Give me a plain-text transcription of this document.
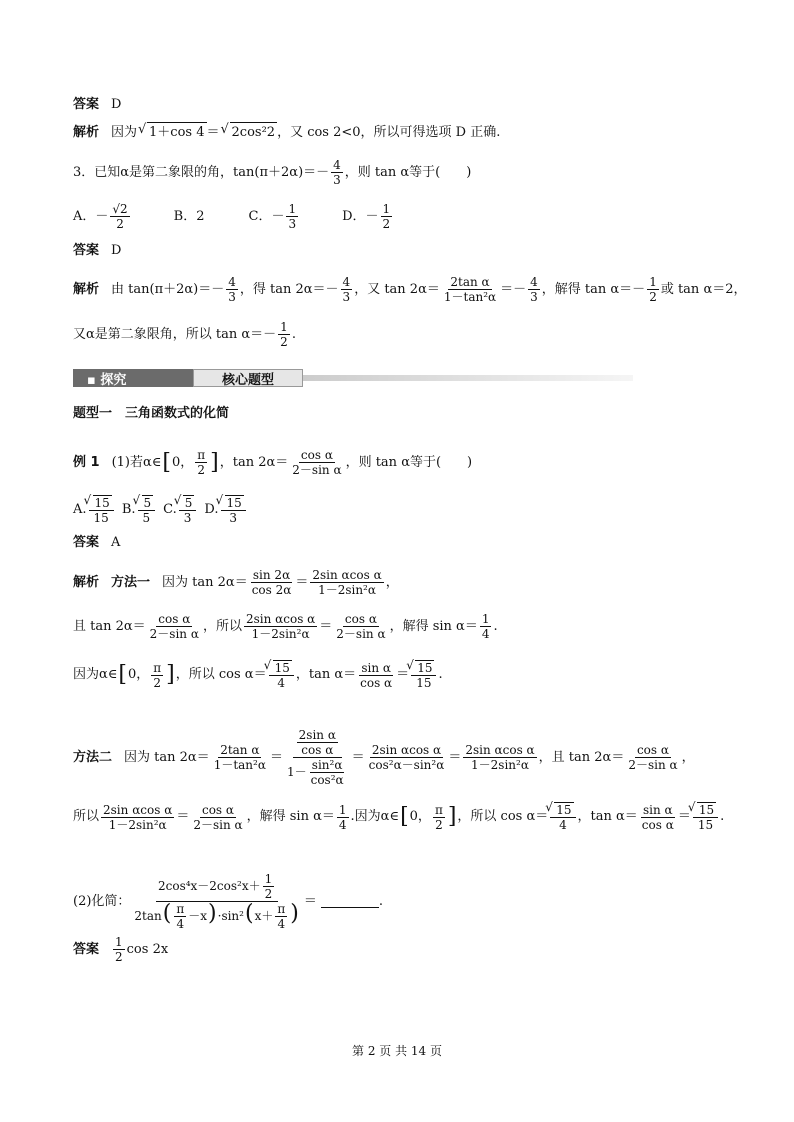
答案 D
解析 因为 √ 1＋cos 4 ＝ √ 2cos²2 ，又 cos 2<0，所以可得选项 D 正确.
3．已知α是第二象限的角，$\tan(\pi+2\alpha)=- \frac{4}{3}$ ，则 tan α等于(　　)
A．－ $\frac{√2}{2}$	B．2	C．－ $\frac{1}{3}$	D．－ $\frac{1}{2}$
答案 D
解析 由 $\tan(\pi+2\alpha)=- \frac{4}{3}$ ，得 $\tan 2\alpha=- \frac{4}{3}$ ，又 $\tan 2\alpha= \frac{\text{2tan α}}{\text{1－tan²α}} =- \frac{4}{3}$ ，解得 $\tan \alpha=- \frac{1}{2}$ 或 tan α＝2，
又α是第二象限角，所以 $\tan \alpha=- \frac{1}{2}$ .
▪ 探究	核心题型
题型一　三角函数式的化简
例 1 (1)若α∈ [ 0， $\frac{\pi}{2}$ ] ，$\tan 2\alpha= \frac{\text{cos α}}{\text{2－sin α}}$ ，则 tan α等于(　　)
A. √ $\frac{15}{15} B$. √ $\frac{5}{5} C$. √ $\frac{5}{3} D$. √ $\frac{15}{3}$
答案 A
解析 方法一 因为 $\tan 2\alpha= \frac{\sin 2\alpha}{\cos 2\alpha} = \frac{\text{2sin αcos α}}{\text{1－2sin²α}}$ ，
且 $\tan 2\alpha= \frac{\text{cos α}}{\text{2－sin α}}$ ，所以 $\frac{\text{2sin αcos α}}{\text{1－2sin²α}} = \frac{\text{cos α}}{\text{2－sin α}}$ ，解得 $\sin \alpha= \frac{1}{4}$ .
因为α∈ [ 0， $\frac{\pi}{2}$ ] ，所以 cos α＝ √ $\frac{15}{4}$ ，$\tan \alpha= \frac{\text{sin α}}{\text{cos α}}$ ＝ √ $\frac{15}{15}$ .
方法二 因为 $\tan 2\alpha= \frac{\text{2tan α}}{\text{1－tan²α}} = \frac{\frac{\text{2sin α}}{\text{cos α}}}{1- \frac{\text{sin²α}}{\text{cos²α}}} = \frac{\text{2sin αcos α}}{\text{cos²α－sin²α}} = \frac{\text{2sin αcos α}}{\text{1－2sin²α}}$ ，且 $\tan 2\alpha= \frac{\text{cos α}}{\text{2－sin α}}$ ，
所以 $\frac{\text{2sin αcos α}}{\text{1－2sin²α}} = \frac{\text{cos α}}{\text{2－sin α}}$ ，解得 $\sin \alpha= \frac{1}{4}$ .因为α∈ [ 0， $\frac{\pi}{2}$ ] ，所以 cos α＝ √ $\frac{15}{4}$ ，$\tan \alpha= \frac{\text{sin α}}{\text{cos α}}$ ＝ √ $\frac{15}{15}$ .
(2)化简： $\frac{2\cos^4x-2\cos^2x+ \frac{1}{2}}{2\tan( \frac{\pi}{4} -x)\cdot\sin^2(x+ \frac{\pi}{4} )}$ ＝	.
答案 $\frac{1}{2}$ cos 2x
第 2 页 共 14 页
